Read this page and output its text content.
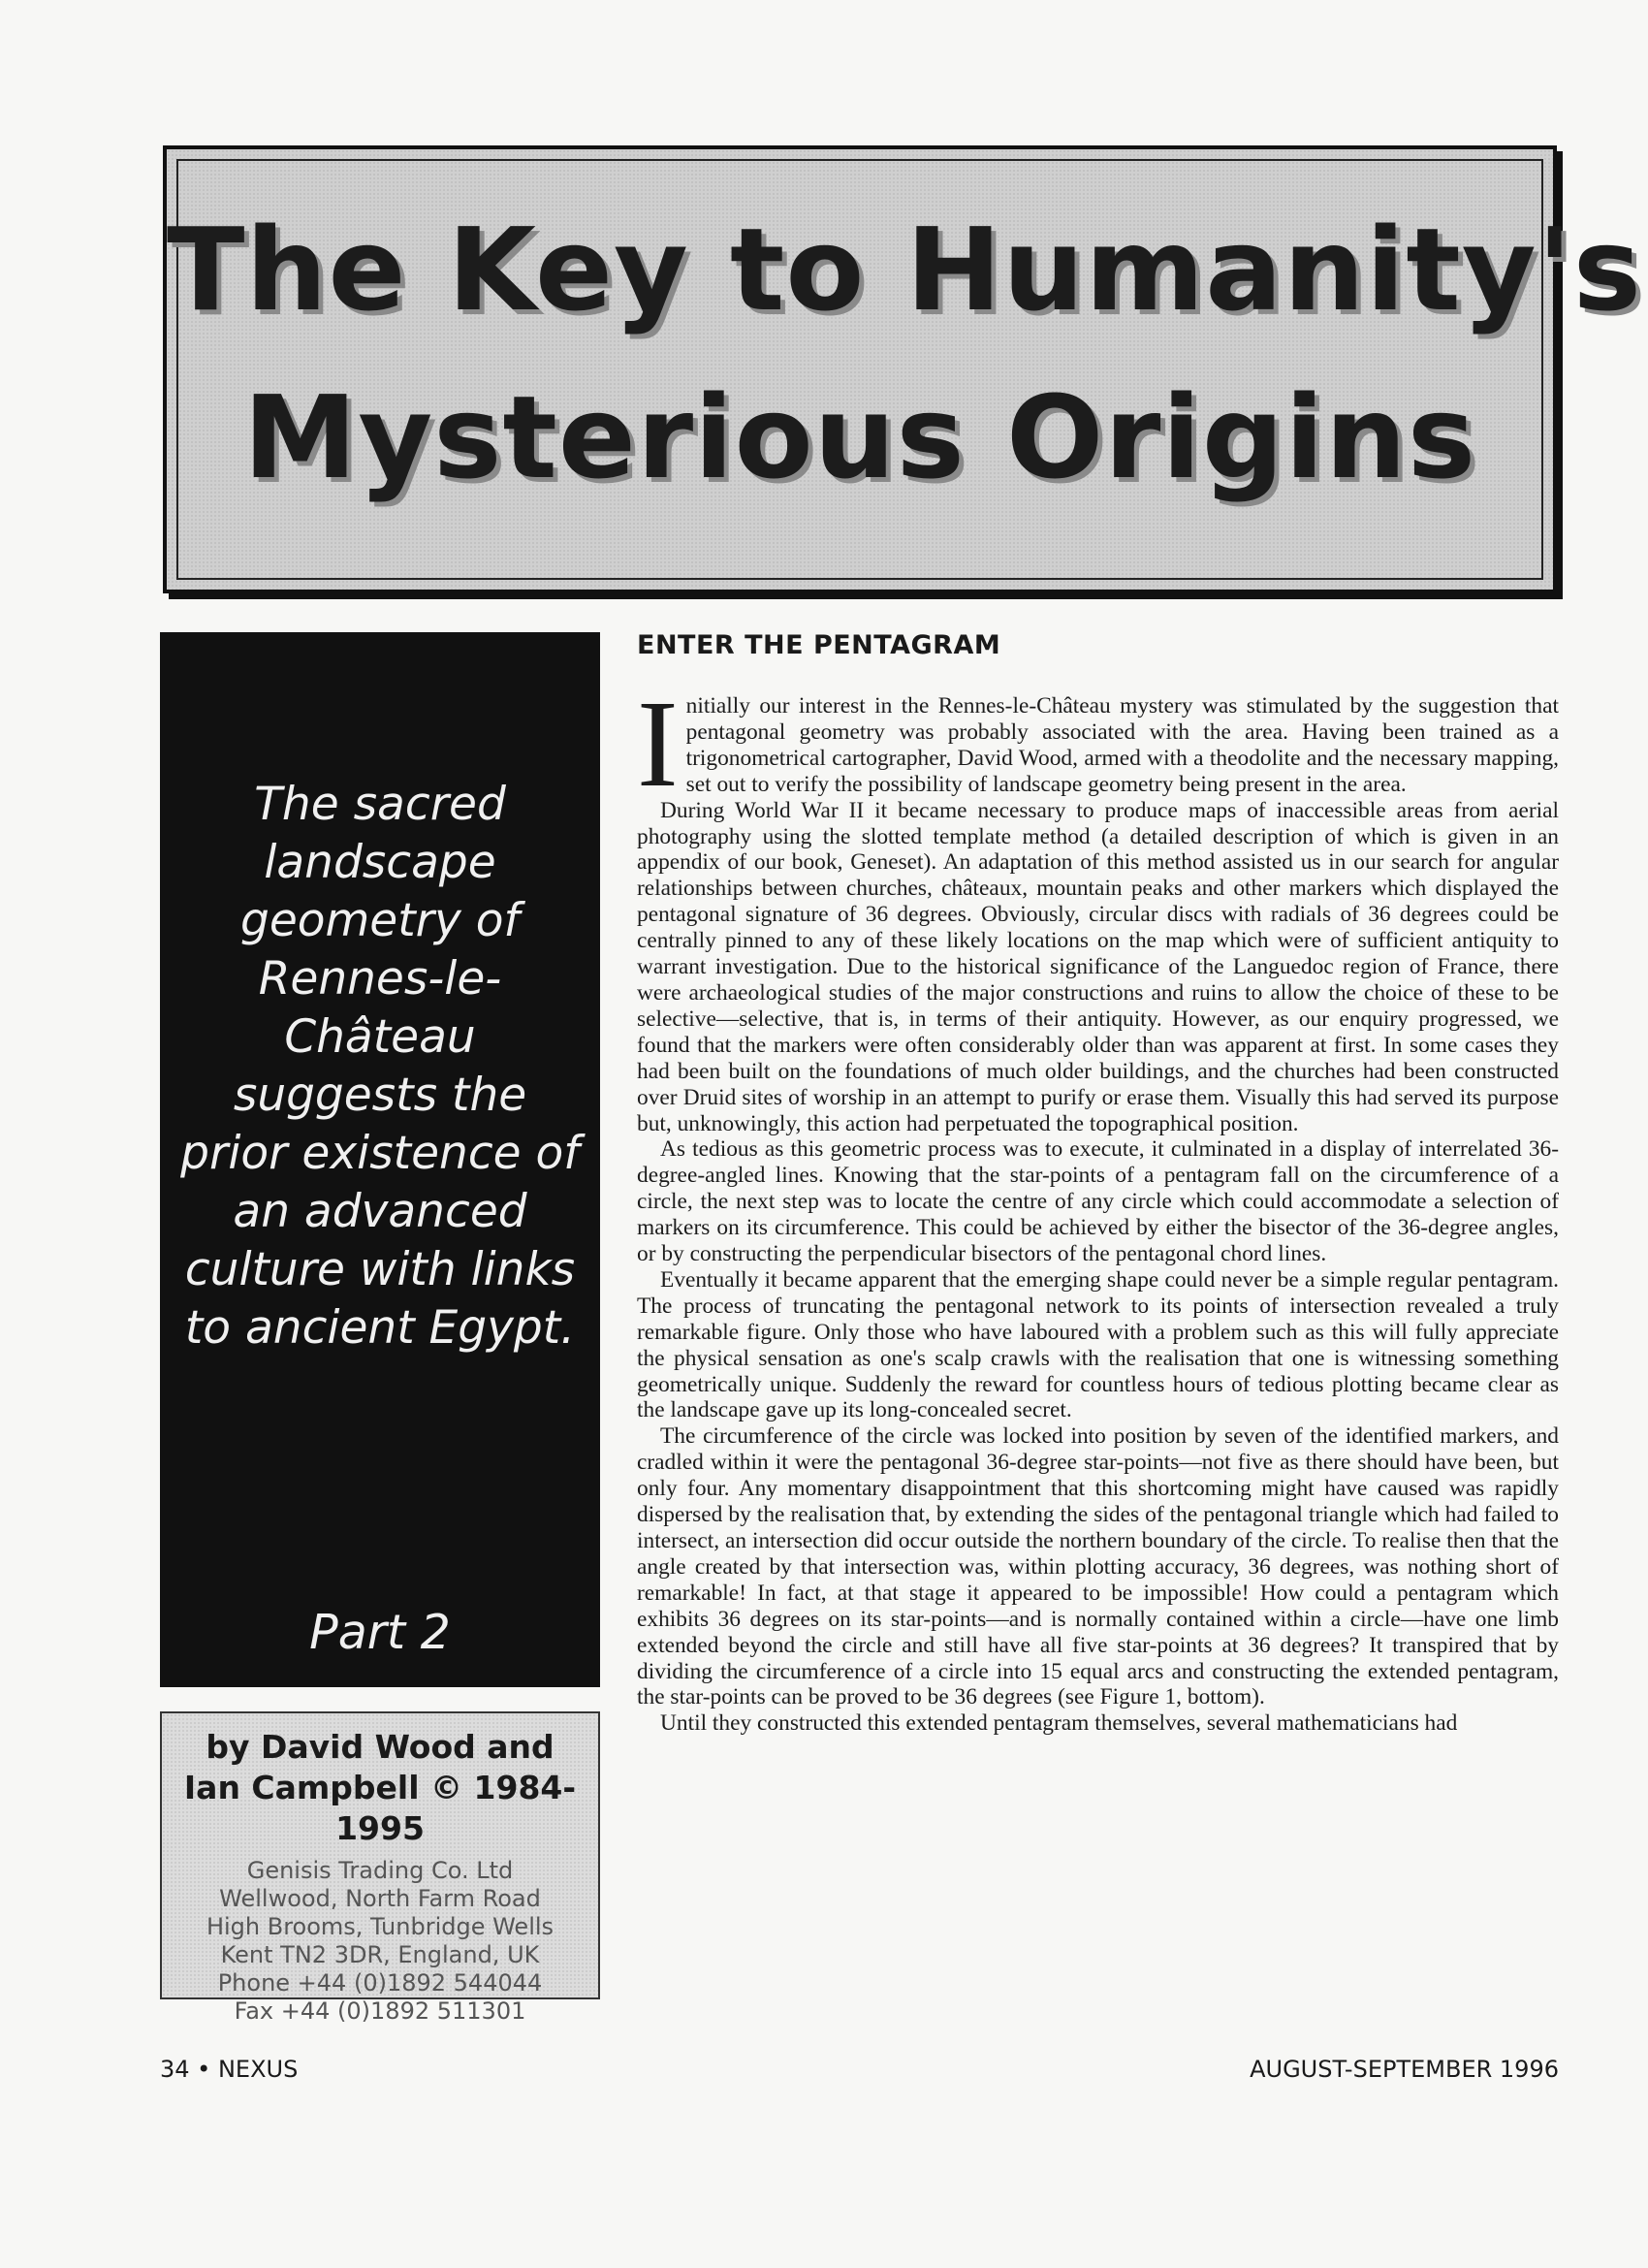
The Key to Humanity's
Mysterious Origins
The sacred landscape geometry of Rennes-le-Château suggests the prior existence of an advanced culture with links to ancient Egypt.
Part 2
by David Wood and
Ian Campbell © 1984-1995
Genisis Trading Co. Ltd
Wellwood, North Farm Road
High Brooms, Tunbridge Wells
Kent TN2 3DR, England, UK
Phone +44 (0)1892 544044
Fax +44 (0)1892 511301
ENTER THE PENTAGRAM

Initially our interest in the Rennes-le-Château mystery was stimulated by the suggestion that pentagonal geometry was probably associated with the area. Having been trained as a trigonometrical cartographer, David Wood, armed with a theodolite and the necessary mapping, set out to verify the possibility of landscape geometry being present in the area.

During World War II it became necessary to produce maps of inaccessible areas from aerial photography using the slotted template method (a detailed description of which is given in an appendix of our book, Geneset). An adaptation of this method assisted us in our search for angular relationships between churches, châteaux, mountain peaks and other markers which displayed the pentagonal signature of 36 degrees. Obviously, circular discs with radials of 36 degrees could be centrally pinned to any of these likely locations on the map which were of sufficient antiquity to warrant investigation. Due to the historical significance of the Languedoc region of France, there were archaeological studies of the major constructions and ruins to allow the choice of these to be selective—selective, that is, in terms of their antiquity. However, as our enquiry progressed, we found that the markers were often considerably older than was apparent at first. In some cases they had been built on the foundations of much older buildings, and the churches had been constructed over Druid sites of worship in an attempt to purify or erase them. Visually this had served its purpose but, unknowingly, this action had perpetuated the topographical position.

As tedious as this geometric process was to execute, it culminated in a display of interrelated 36-degree-angled lines. Knowing that the star-points of a pentagram fall on the circumference of a circle, the next step was to locate the centre of any circle which could accommodate a selection of markers on its circumference. This could be achieved by either the bisector of the 36-degree angles, or by constructing the perpendicular bisectors of the pentagonal chord lines.

Eventually it became apparent that the emerging shape could never be a simple regular pentagram. The process of truncating the pentagonal network to its points of intersection revealed a truly remarkable figure. Only those who have laboured with a problem such as this will fully appreciate the physical sensation as one's scalp crawls with the realisation that one is witnessing something geometrically unique. Suddenly the reward for countless hours of tedious plotting became clear as the landscape gave up its long-concealed secret.

The circumference of the circle was locked into position by seven of the identified markers, and cradled within it were the pentagonal 36-degree star-points—not five as there should have been, but only four. Any momentary disappointment that this shortcoming might have caused was rapidly dispersed by the realisation that, by extending the sides of the pentagonal triangle which had failed to intersect, an intersection did occur outside the northern boundary of the circle. To realise then that the angle created by that intersection was, within plotting accuracy, 36 degrees, was nothing short of remarkable! In fact, at that stage it appeared to be impossible! How could a pentagram which exhibits 36 degrees on its star-points—and is normally contained within a circle—have one limb extended beyond the circle and still have all five star-points at 36 degrees? It transpired that by dividing the circumference of a circle into 15 equal arcs and constructing the extended pentagram, the star-points can be proved to be 36 degrees (see Figure 1, bottom).

Until they constructed this extended pentagram themselves, several mathematicians had

34 • NEXUS	AUGUST-SEPTEMBER 1996
